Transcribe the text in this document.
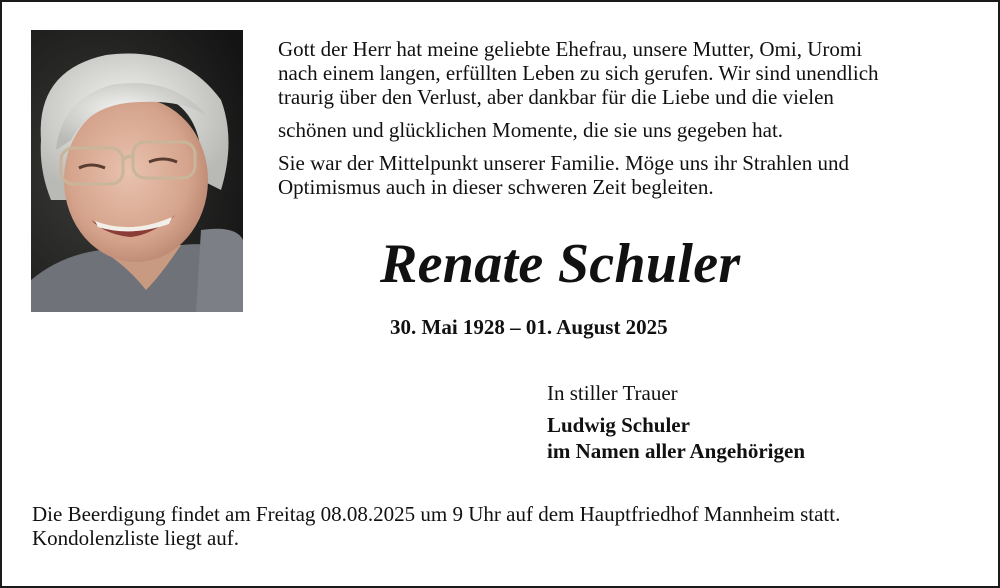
Gott der Herr hat meine geliebte Ehefrau, unsere Mutter, Omi, Uromi

nach einem langen, erfüllten Leben zu sich gerufen. Wir sind unendlich

traurig über den Verlust, aber dankbar für die Liebe und die vielen

schönen und glücklichen Momente, die sie uns gegeben hat.

Sie war der Mittelpunkt unserer Familie. Möge uns ihr Strahlen und

Optimismus auch in dieser schweren Zeit begleiten.

Renate Schuler
30. Mai 1928 – 01. August 2025
In stiller Trauer
Ludwig Schuler
im Namen aller Angehörigen

Die Beerdigung findet am Freitag 08.08.2025 um 9 Uhr auf dem Hauptfriedhof Mannheim statt.

Kondolenzliste liegt auf.
